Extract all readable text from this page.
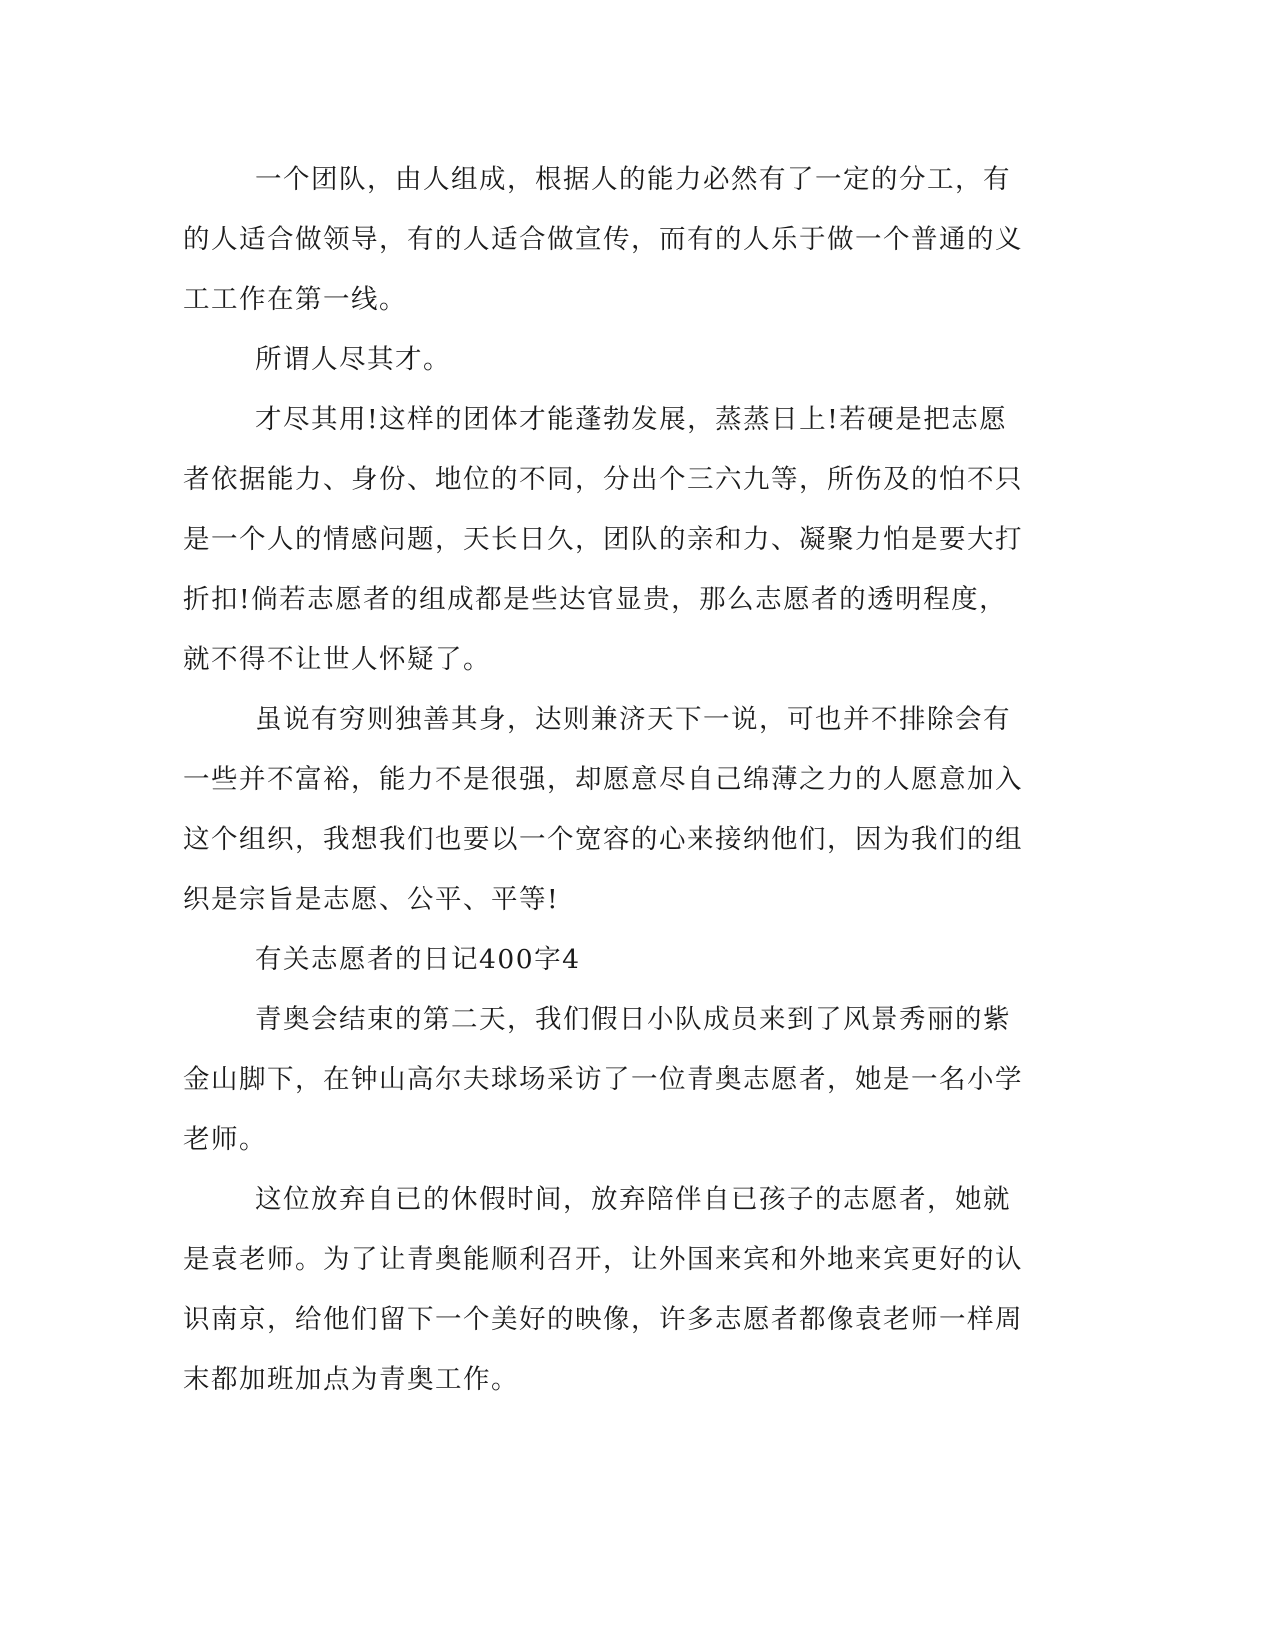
一个团队，由人组成，根据人的能力必然有了一定的分工，有的人适合做领导，有的人适合做宣传，而有的人乐于做一个普通的义工工作在第一线。

所谓人尽其才。

才尽其用!这样的团体才能蓬勃发展，蒸蒸日上!若硬是把志愿者依据能力、身份、地位的不同，分出个三六九等，所伤及的怕不只是一个人的情感问题，天长日久，团队的亲和力、凝聚力怕是要大打折扣!倘若志愿者的组成都是些达官显贵，那么志愿者的透明程度，就不得不让世人怀疑了。

虽说有穷则独善其身，达则兼济天下一说，可也并不排除会有一些并不富裕，能力不是很强，却愿意尽自己绵薄之力的人愿意加入这个组织，我想我们也要以一个宽容的心来接纳他们，因为我们的组织是宗旨是志愿、公平、平等!

有关志愿者的日记400字4

青奥会结束的第二天，我们假日小队成员来到了风景秀丽的紫金山脚下，在钟山高尔夫球场采访了一位青奥志愿者，她是一名小学老师。

这位放弃自已的休假时间，放弃陪伴自已孩子的志愿者，她就是袁老师。为了让青奥能顺利召开，让外国来宾和外地来宾更好的认识南京，给他们留下一个美好的映像，许多志愿者都像袁老师一样周末都加班加点为青奥工作。
